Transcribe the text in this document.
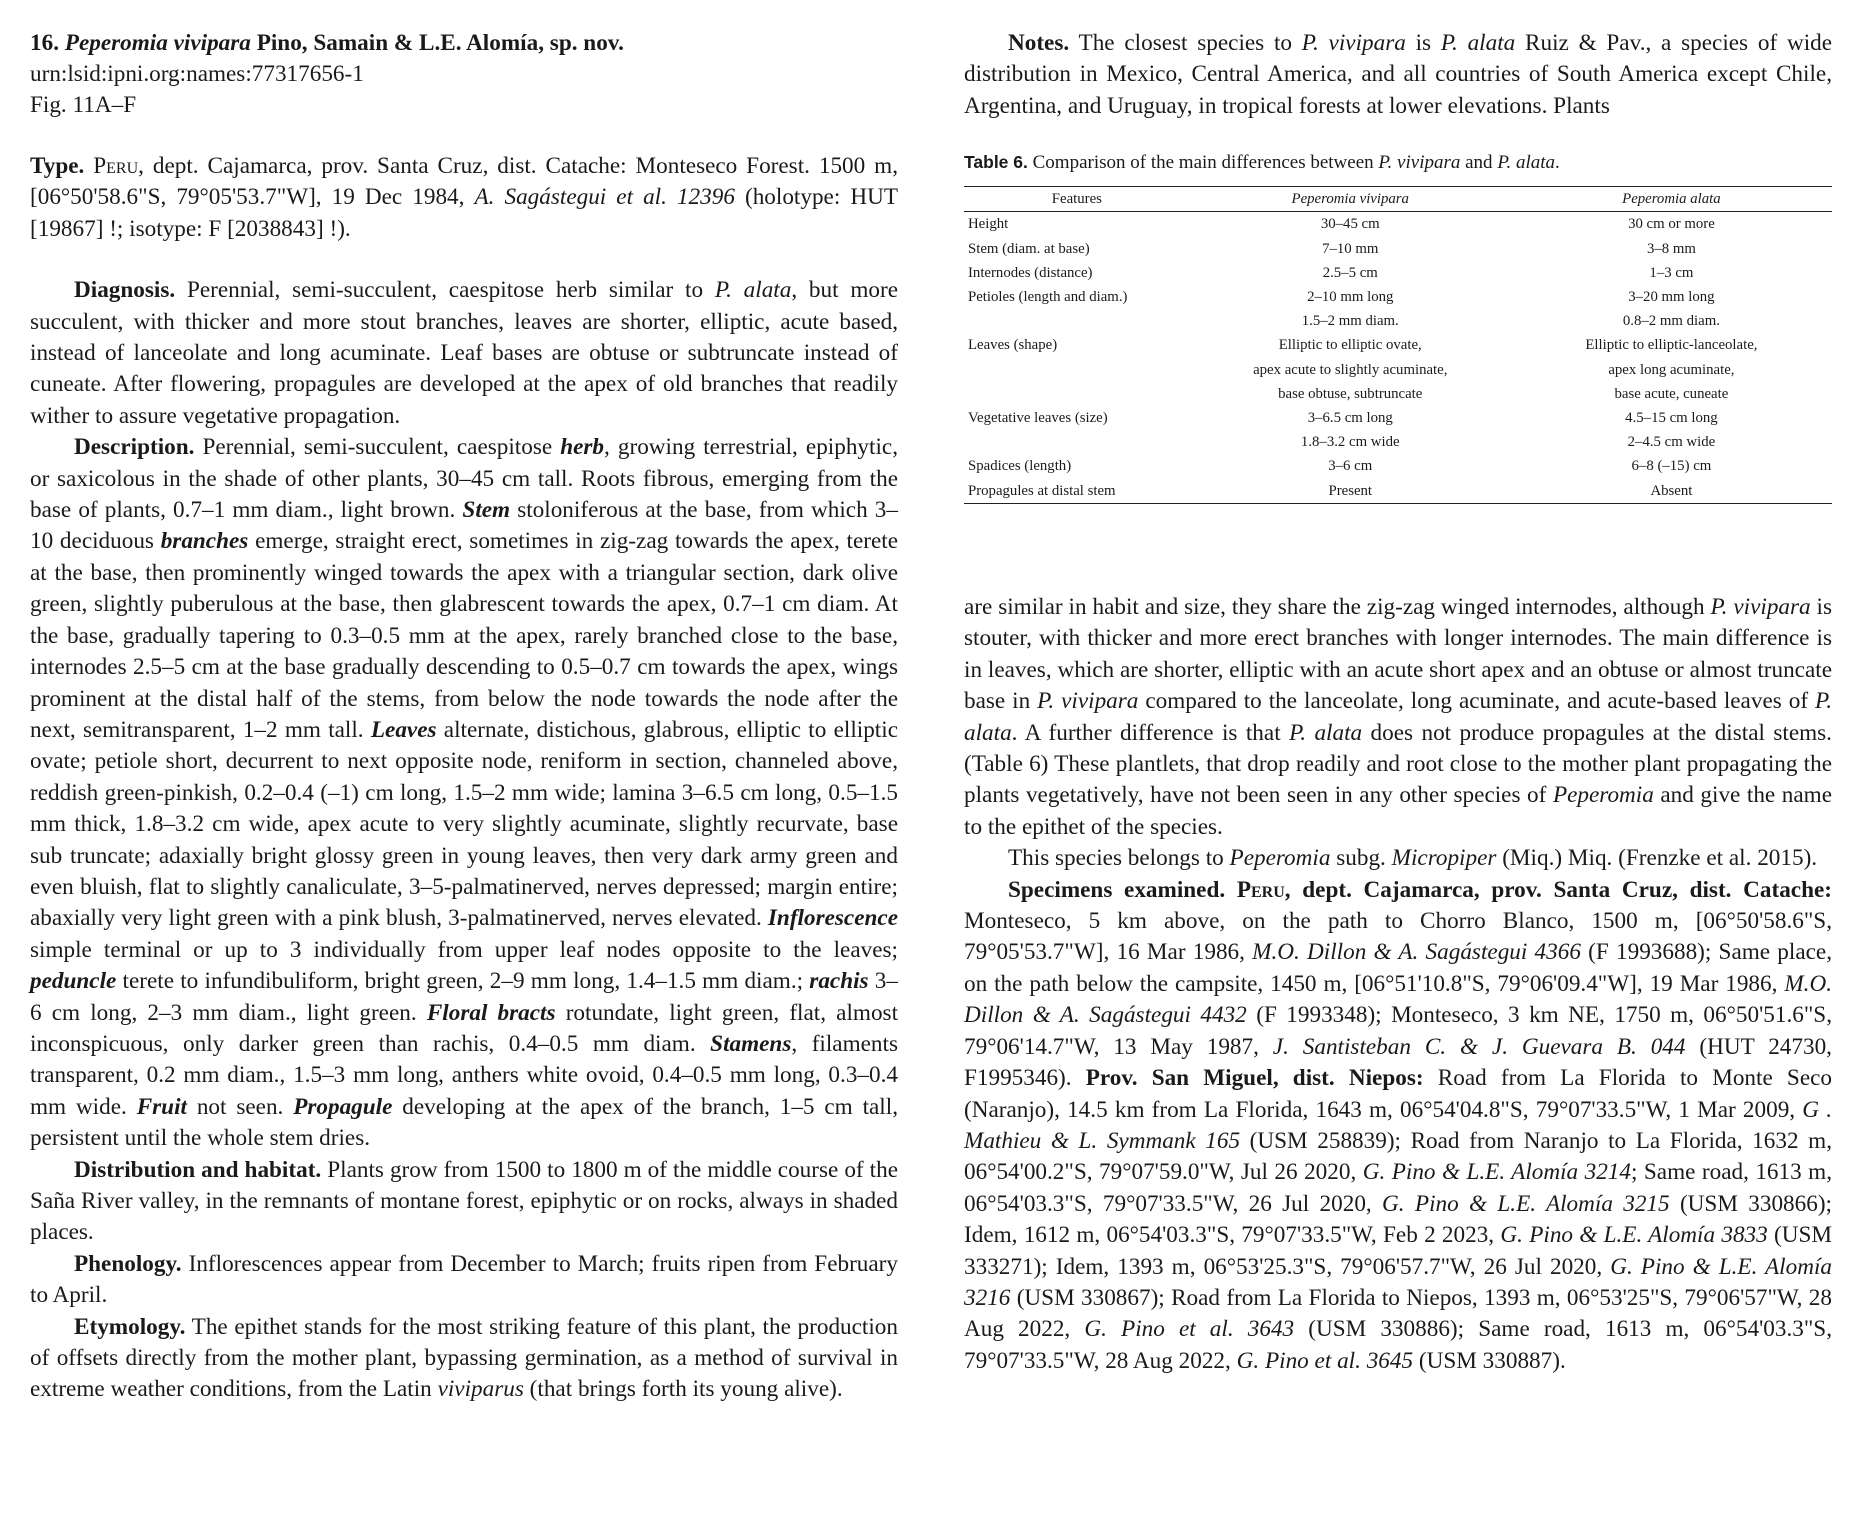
16. Peperomia vivipara Pino, Samain & L.E. Alomía, sp. nov.

urn:lsid:ipni.org:names:77317656-1

Fig. 11A–F

Type. Peru, dept. Cajamarca, prov. Santa Cruz, dist. Catache: Monteseco Forest. 1500 m, [06°50'58.6"S, 79°05'53.7"W], 19 Dec 1984, A. Sagástegui et al. 12396 (holotype: HUT [19867] !; isotype: F [2038843] !).

Diagnosis. Perennial, semi-succulent, caespitose herb similar to P. alata, but more succulent, with thicker and more stout branches, leaves are shorter, elliptic, acute based, instead of lanceolate and long acuminate. Leaf bases are obtuse or subtruncate instead of cuneate. After flowering, propagules are developed at the apex of old branches that readily wither to assure vegetative propagation.

Description. Perennial, semi-succulent, caespitose herb, growing terrestrial, epiphytic, or saxicolous in the shade of other plants, 30–45 cm tall. Roots fibrous, emerging from the base of plants, 0.7–1 mm diam., light brown. Stem stoloniferous at the base, from which 3–10 deciduous branches emerge, straight erect, sometimes in zig-zag towards the apex, terete at the base, then prominently winged towards the apex with a triangular section, dark olive green, slightly puberulous at the base, then glabrescent towards the apex, 0.7–1 cm diam. At the base, gradually tapering to 0.3–0.5 mm at the apex, rarely branched close to the base, internodes 2.5–5 cm at the base gradually descending to 0.5–0.7 cm towards the apex, wings prominent at the distal half of the stems, from below the node towards the node after the next, semitransparent, 1–2 mm tall. Leaves alternate, distichous, glabrous, elliptic to elliptic ovate; petiole short, decurrent to next opposite node, reniform in section, channeled above, reddish green-pinkish, 0.2–0.4 (–1) cm long, 1.5–2 mm wide; lamina 3–6.5 cm long, 0.5–1.5 mm thick, 1.8–3.2 cm wide, apex acute to very slightly acuminate, slightly recurvate, base sub truncate; adaxially bright glossy green in young leaves, then very dark army green and even bluish, flat to slightly canaliculate, 3–5-palmatinerved, nerves depressed; margin entire; abaxially very light green with a pink blush, 3-palmatinerved, nerves elevated. Inflorescence simple terminal or up to 3 individually from upper leaf nodes opposite to the leaves; peduncle terete to infundibuliform, bright green, 2–9 mm long, 1.4–1.5 mm diam.; rachis 3–6 cm long, 2–3 mm diam., light green. Floral bracts rotundate, light green, flat, almost inconspicuous, only darker green than rachis, 0.4–0.5 mm diam. Stamens, filaments transparent, 0.2 mm diam., 1.5–3 mm long, anthers white ovoid, 0.4–0.5 mm long, 0.3–0.4 mm wide. Fruit not seen. Propagule developing at the apex of the branch, 1–5 cm tall, persistent until the whole stem dries.

Distribution and habitat. Plants grow from 1500 to 1800 m of the middle course of the Saña River valley, in the remnants of montane forest, epiphytic or on rocks, always in shaded places.

Phenology. Inflorescences appear from December to March; fruits ripen from February to April.

Etymology. The epithet stands for the most striking feature of this plant, the production of offsets directly from the mother plant, bypassing germination, as a method of survival in extreme weather conditions, from the Latin viviparus (that brings forth its young alive).

Notes. The closest species to P. vivipara is P. alata Ruiz & Pav., a species of wide distribution in Mexico, Central America, and all countries of South America except Chile, Argentina, and Uruguay, in tropical forests at lower elevations. Plants

Table 6. Comparison of the main differences between P. vivipara and P. alata.

Features	Peperomia vivipara	Peperomia alata
Height	30–45 cm	30 cm or more
Stem (diam. at base)	7–10 mm	3–8 mm
Internodes (distance)	2.5–5 cm	1–3 cm
Petioles (length and diam.)	2–10 mm long	3–20 mm long
	1.5–2 mm diam.	0.8–2 mm diam.
Leaves (shape)	Elliptic to elliptic ovate,	Elliptic to elliptic-lanceolate,
	apex acute to slightly acuminate,	apex long acuminate,
	base obtuse, subtruncate	base acute, cuneate
Vegetative leaves (size)	3–6.5 cm long	4.5–15 cm long
	1.8–3.2 cm wide	2–4.5 cm wide
Spadices (length)	3–6 cm	6–8 (–15) cm
Propagules at distal stem	Present	Absent

are similar in habit and size, they share the zig-zag winged internodes, although P. vivipara is stouter, with thicker and more erect branches with longer internodes. The main difference is in leaves, which are shorter, elliptic with an acute short apex and an obtuse or almost truncate base in P. vivipara compared to the lanceolate, long acuminate, and acute-based leaves of P. alata. A further difference is that P. alata does not produce propagules at the distal stems. (Table 6) These plantlets, that drop readily and root close to the mother plant propagating the plants vegetatively, have not been seen in any other species of Peperomia and give the name to the epithet of the species.

This species belongs to Peperomia subg. Micropiper (Miq.) Miq. (Frenzke et al. 2015).

Specimens examined. Peru, dept. Cajamarca, prov. Santa Cruz, dist. Catache: Monteseco, 5 km above, on the path to Chorro Blanco, 1500 m, [06°50'58.6"S, 79°05'53.7"W], 16 Mar 1986, M.O. Dillon & A. Sagástegui 4366 (F 1993688); Same place, on the path below the campsite, 1450 m, [06°51'10.8"S, 79°06'09.4"W], 19 Mar 1986, M.O. Dillon & A. Sagástegui 4432 (F 1993348); Monteseco, 3 km NE, 1750 m, 06°50'51.6"S, 79°06'14.7"W, 13 May 1987, J. Santisteban C. & J. Guevara B. 044 (HUT 24730, F1995346). Prov. San Miguel, dist. Niepos: Road from La Florida to Monte Seco (Naranjo), 14.5 km from La Florida, 1643 m, 06°54'04.8"S, 79°07'33.5"W, 1 Mar 2009, G . Mathieu & L. Symmank 165 (USM 258839); Road from Naranjo to La Florida, 1632 m, 06°54'00.2"S, 79°07'59.0"W, Jul 26 2020, G. Pino & L.E. Alomía 3214; Same road, 1613 m, 06°54'03.3"S, 79°07'33.5"W, 26 Jul 2020, G. Pino & L.E. Alomía 3215 (USM 330866); Idem, 1612 m, 06°54'03.3"S, 79°07'33.5"W, Feb 2 2023, G. Pino & L.E. Alomía 3833 (USM 333271); Idem, 1393 m, 06°53'25.3"S, 79°06'57.7"W, 26 Jul 2020, G. Pino & L.E. Alomía 3216 (USM 330867); Road from La Florida to Niepos, 1393 m, 06°53'25"S, 79°06'57"W, 28 Aug 2022, G. Pino et al. 3643 (USM 330886); Same road, 1613 m, 06°54'03.3"S, 79°07'33.5"W, 28 Aug 2022, G. Pino et al. 3645 (USM 330887).
